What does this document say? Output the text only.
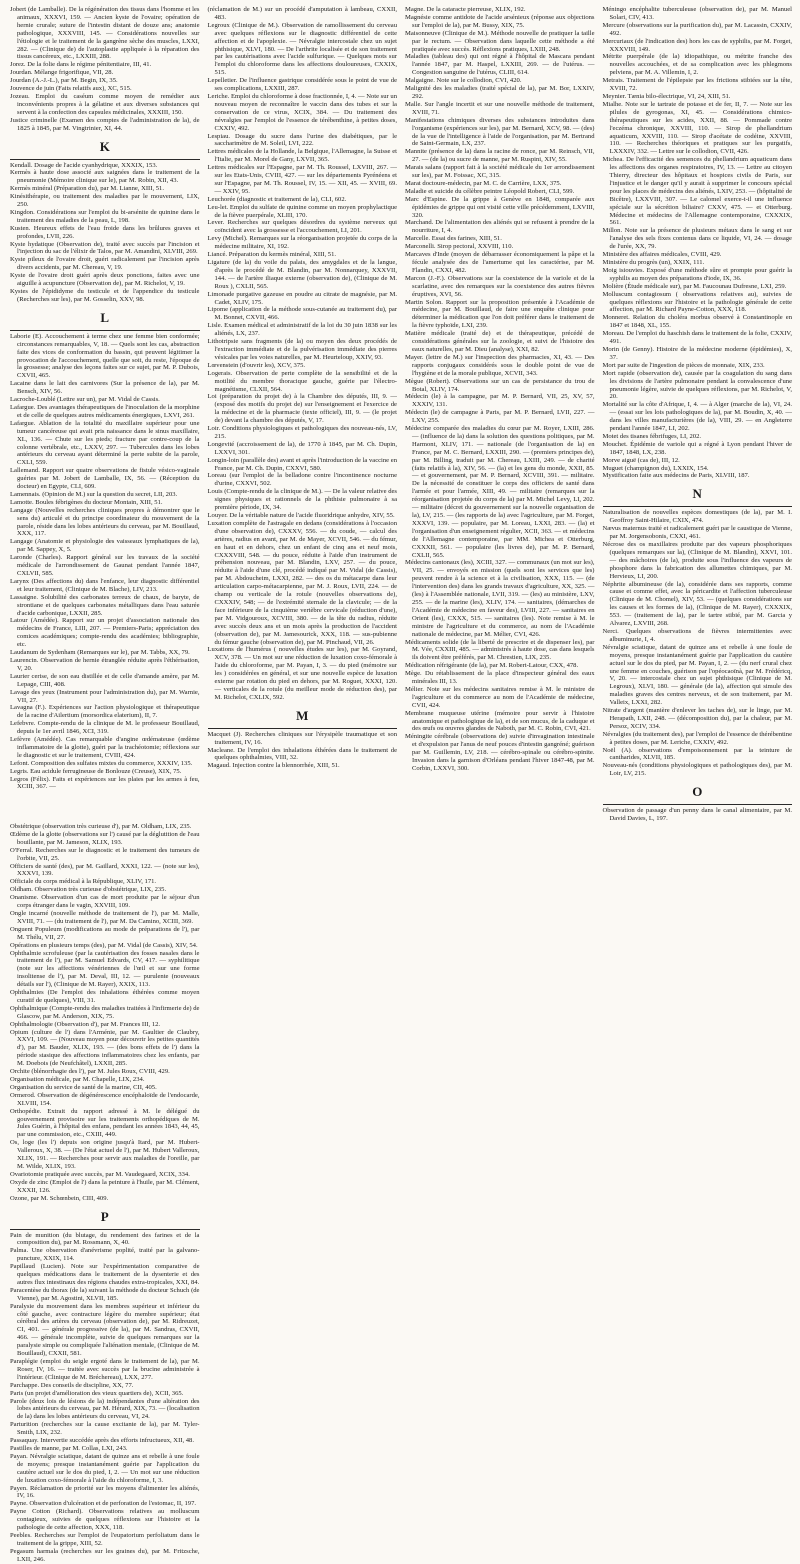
Jobert (de Lamballe). De la régénération des tissus dans l'homme et les animaux, XXXVI, 159. — Ancien kyste de l'ovaire; opération de hernie crurale; suture de l'intestin distant de douze ans; anatomie pathologique, XXXVIII, 145. — Considérations nouvelles sur l'étiologie et le traitement de la gangrène sèche des muscles, LXXI, 282. — (Clinique de) de l'autoplastie appliquée à la réparation des tissus cancéreux, etc., LXXIII, 288.

Jorez. De la folie dans le régime pénitentiaire, III, 41.

Jourdan. Mélange frigorifique, VII, 28.

Jourdan (A.-J.-L.), par M. Begin, IX, 35.

Jouvence de juin (Faits relatifs aux), XC, 515.

Jozeau. Emploi du caséum comme moyen de remédier aux inconvénients propres à la gélatine et aux diverses substances qui servent à la confection des capsules médicinales, XXXIII, 150.

Justice criminelle (Examen des comptes de l'administration de la), de 1825 à 1845, par M. Vingtrinier, XI, 44.

K

Kendall. Dosage de l'acide cyanhydrique, XXXIX, 153.

Kermès à haute dose associé aux saignées dans le traitement de la pneumonie (Mémoire clinique sur le), par M. Robin, XII, 43.

Kermès minéral (Préparation du), par M. Lianne, XIII, 51.

Kinésithérapie, ou traitement des maladies par le mouvement, LIX, 250.

Kingdon. Considérations sur l'emploi du bi-arsénite de quinine dans le traitement des maladies de la peau, L, 198.

Kusten. Heureux effets de l'eau froide dans les brûlures graves et profondes, LVII, 226.

Kyste hydatique (Observation de), traité avec succès par l'incision et l'injection du sac de l'élixir de Talos, par M. Amandini, XLVIII, 269.

Kyste pileux de l'ovaire droit, guéri radicalement par l'incision après divers accidents, par M. Chereau, V, 19.

Kyste de l'ovaire droit guéri après deux ponctions, faites avec une aiguille à acupuncture (Observation de), par M. Richelot, V, 19.

Kystes de l'épididyme du testicule et de l'appendice du testicule (Recherches sur les), par M. Gosselin, XXV, 98.

L

Laborie (E). Accouchement à terme chez une femme bien conformée; circonstances remarquables, V, 18. — Quels sont les cas, abstraction faite des vices de conformation du bassin, qui peuvent légitimer la provocation de l'accouchement, quelle que soit, du reste, l'époque de la grossesse; analyse des leçons faites sur ce sujet, par M. P. Dubois, CXVII, 465.

Lacaine dans le lait des carnivores (Sur la présence de la), par M. Bensch, XIV, 56.

Lacroche-Loublé (Lettre sur un), par M. Vidal de Cassis.

Lafargue. Des avantages thérapeutiques de l'inoculation de la morphine et de celle de quelques autres médicaments énergiques, LXVI, 261.

Lafargue. Ablation de la totalité du maxillaire supérieur pour une tumeur cancéreuse qui avait pris naissance dans le sinus maxillaire, XL, 136. — Chute sur les pieds; fracture par contre-coup de la colonne vertébrale, etc., LXXV, 297. — Tubercules dans les lobes antérieurs du cerveau ayant déterminé la perte subite de la parole, CXLI, 559.

Lallemand. Rapport sur quatre observations de fistule vésico-vaginale guéries par M. Jobert de Lamballe, IX, 56. — (Réception du docteur) en Egypte, CLI, 609.

Lamennais. (Opinion de M.) sur la question du secret, LII, 203.

Lamotte. Boules fébrigènes du docteur Montain, XIII, 51.

Langage (Nouvelles recherches cliniques propres à démontrer que le sens du) articulé et du principe coordinateur du mouvement de la parole, réside dans les lobes antérieurs du cerveau, par M. Bouillaud, XXX, 117.

Langage (Anatomie et physiologie des vaisseaux lymphatiques de la), par M. Sappey, X, 5.

Laronde (Charles). Rapport général sur les travaux de la société médicale de l'arrondissement de Gaunat pendant l'année 1847, CXLVII, 585.

Larynx (Des affections du) dans l'enfance, leur diagnostic différentiel et leur traitement, (Clinique de M. Blache), LIV, 213.

Lassaigne. Solubilité des carbonates terreux de chaux, de baryte, de strontiane et de quelques carbonates métalliques dans l'eau saturée d'acide carbonique, LXXII, 285.

Latour (Amédée). Rapport sur un projet d'association nationale des médecins de France, LIII, 207. — Premiers-Paris; appréciation des comices académiques; compte-rendu des académies; bibliographie, etc.

Laudanum de Sydenham (Remarques sur le), par M. Tabbs, XX, 79.

Laurencin. Observation de hernie étranglée réduite après l'éthérisation, V, 20.

Laurier cerise, de son eau distillée et de celle d'amande amère, par M. Lepage, CIII, 408.

Lavage des yeux (Instrument pour l'administration du), par M. Warnie, VII, 27.

Lavagna (F.). Expériences sur l'action physiologique et thérapeutique de la racine d'Ailertium (morsordica elaterium), II, 7.

Lefebvre. Compte-rendu de la clinique de M. le professeur Bouillaud, depuis le 1er avril 1846, XCI, 319.

Lefèvre (Amédée). Cas remarquable d'angine œdémateuse (œdème inflammatoire de la glotte), guéri par la trachéotomie; réflexions sur le diagnostic et sur le traitement, CVIII, 424.

Lefont. Composition des sulfates mixtes du commerce, XXXIV, 135.

Legris. Eau acidule ferrugineuse de Bonlouze (Creuse), XIX, 75.

Legros (Félix). Faits et expériences sur les plaies par les armes à feu, XCIII, 367. —

(réclamation de M.) sur un procédé d'amputation à lambeau, CXXII, 483.

Legroux (Clinique de M.). Observation de ramollissement du cerveau avec quelques réflexions sur le diagnostic différentiel de cette affection et de l'apoplexie. — Névralgie intercostale chez un sujet phthisique, XLVI, 180. — De l'arthrite localisée et de son traitement par les cautérisations avec l'acide sulfurique. — Quelques mots sur l'emploi du chloroforme dans les affections douloureuses, CXXIX, 515.

Lepelletier. De l'influence gastrique considérée sous le point de vue de ses complications, LXXIII, 287.

Leriche. Emploi du chloroforme à dose fractionnée, I, 4. — Note sur un nouveau moyen de reconnaître le vaccin dans des tubes et sur la conservation de ce virus, XCIX, 384. — Du traitement des névralgies par l'emploi de l'essence de térébenthine, à petites doses, CXXIV, 492.

Lespiau. Dosage du sucre dans l'urine des diabétiques, par le saccharimètre de M. Soleil, LVI, 222.

Lettres médicales de la Hollande, la Belgique, l'Allemagne, la Suisse et l'Italie, par M. Morel de Gany, LXVII, 365.

Lettres médicales sur l'Espagne, par M. Th. Roussel, LXVIII, 267. — sur les Etats-Unis, CVIII, 427. — sur les départements Pyrénéens et sur l'Espagne, par M. Th. Roussel, IV, 15. — XII, 45. — XVIII, 69. — XXIV, 95.

Leuchorée (diagnostic et traitement de la), CLI, 602.

Leu-let. Emploi du sulfate de quinine comme un moyen prophylactique de la fièvre puerpérale, XLIII, 170.

Lever. Recherches sur quelques désordres du système nerveux qui coïncident avec la grossesse et l'accouchement, LI, 201.

Levy (Michel). Remarques sur la réorganisation projetée du corps de la médecine militaire, XI, 192.

Liancé. Préparation du kermès minéral, XIII, 51.

Ligature (de la) du voile du palais, des amygdales et de la langue, d'après le procédé de M. Blandin, par M. Nonnarquey, XXXVII, 144. — de l'artère iliaque externe (observation de), (Clinique de M. Roux ), CXLII, 565.

Limonade purgative gazeuse en poudre au citrate de magnésie, par M. Cadet, XLIV, 175.

Lipome (application de la méthode sous-cutanée au traitement du), par M. Bonnet, CXVII, 466.

Lisle. Examen médical et administratif de la loi du 30 juin 1838 sur les aliénés, LX, 237.

Lithotripsie sans fragments (de la) ou moyen des deux procédés de l'extraction immédiate et de la pulvérisation immédiate des pierres vésicales par les voies naturelles, par M. Heurteloup, XXIV, 93.

Lœvenstein (d'ouvrir les), XCV, 375.

Logerais. Observation de perte complète de la sensibilité et de la motilité du membre thoracique gauche, guérie par l'électro-magnétisme, CLXII, 564.

Loi (préparation du projet de) à la Chambre des députés, III, 9. — (exposé des motifs du projet de) sur l'enseignement et l'exercice de la médecine et de la pharmacie (texte officiel), III, 9. — (le projet de) devant la chambre des députés, V, 17.

Loir. Conditions physiologiques et pathologiques des nouveau-nés, LV, 215.

Longevité (accroissement de la), de 1770 à 1845, par M. Ch. Dupin, LXXVI, 301.

Longin-loin (parallèle des) avant et après l'introduction de la vaccine en France, par M. Ch. Dupin, CXXVI, 580.

Loreau (sur l'emploi de la belladone contre l'incontinence nocturne d'urine, CXXVI, 502.

Louis (Compte-rendu de la clinique de M.). — De la valeur relative des signes physiques et rationnels de la phthisie pulmonaire à sa première période, IX, 34.

Louyer. De la véritable nature de l'acide fluoridrique anhydre, XIV, 55.

Luxation complète de l'astragale en dedans (considérations à l'occasion d'une observation de), CXXXV, 556. — du coude, — calcul des artères, radius en avant, par M. de Mayer, XCVII, 546. — du fémur, en haut et en dehors, chez un enfant de cinq ans et neuf mois, CXXXVIII, 548. — du pouce, réduite à l'aide d'un instrument de préhension nouveau, par M. Blandin, LXV, 257. — du pouce, réduite à l'aide d'une clé, procédé indiqué par M. Vidal (de Cassis), par M. Abdoucheim, LXXI, 282. — des os du métacarpe dans leur articulation carpo-métacarpienne, par M. J. Roux, LVII, 224. — de champ ou verticale de la rotule (nouvelles observations de), CXXXIV, 548; — de l'extrémité sternale de la clavicule; — de la face inférieure de la cinquième vertèbre cervicale (réduction d'une), par M. Vidgouroux, XCVIII, 380. — de la tête du radius, réduite avec succès deux ans et un mois après la production de l'accident (observation de), par M. Jamesourick, XXX, 118. — sus-pubienne du fémur gauche (observation de), par M. Pinchaud, VII, 26.

Luxations de l'humérus ( nouvelles études sur les), par M. Goyrand, XCV, 378. — Un mot sur une réduction de luxation coxo-fémorale à l'aide du chloroforme, par M. Payan, I, 3. — du pied (mémoire sur les ) considérées en général, et sur une nouvelle espèce de luxation externe par rotation du pied en dehors, par M. Roguet, XXXI, 120. — verticales de la rotule (du meilleur mode de réduction des), par M. Richelot, CXLIX, 592.

M

Macquet (J). Recherches cliniques sur l'érysipèle traumatique et son traitement, IV, 16.

Macleane. De l'emploi des inhalations éthérées dans le traitement de quelques ophthalmies, VIII, 32.

Magaud. Injection contre la blennorrhée, XIII, 51.

Magne. De la cataracte pierreuse, XLIX, 192.

Magnésie comme antidote de l'acide arsénieux (réponse aux objections sur l'emploi de la), par M. Bussy, XIX, 75.

Maisonneuve (Clinique de M.). Méthode nouvelle de pratiquer la taille par le rectum. — Observation dans laquelle cette méthode a été pratiquée avec succès. Réflexions pratiques, LXIII, 248.

Maladies (tableau des) qui ont régné à l'hôpital de Mascara pendant l'année 1847, par M. Haspel, LXXIII, 269. — de l'utérus. — Congestion sanguine de l'utérus, CLIII, 614.

Malgaigne. Note sur le collodion, CVI, 420.

Malignité des les maladies (traité spécial de la), par M. Bor, LXXIV, 292.

Malle. Sur l'angle incertit et sur une nouvelle méthode de traitement, XVIII, 71.

Manifestations chimiques diverses des substances introduites dans l'organisme (expériences sur les), par M. Bernard, XCV, 98. — (des) de la vue de l'intelligence à l'aide de l'organisation, par M. Bertrand de Saint-Germain, LX, 237.

Mannite (présence de la) dans la racine de ronce, par M. Reinsch, VII, 27. — (de la) ou sucre de manne, par M. Ruspini, XIV, 55.

Marais salans (rapport fait à la société médicale du 1er arrondissement sur les), par M. Foissac, XC, 315.

Marat doctoure-médecin, par M. C. de Carrière, LXX, 375.

Maladie et suicide du célèbre peintre Léopold Robert, CLI, 599.

Marc d'Espine. De la grippe à Genève en 1848, comparée aux épidémies de grippe qui ont visité cette ville précédemment, LXVIII, 320.

Marchand. De l'alimentation des aliénés qui se refusent à prendre de la nourriture, I, 4.

Marcelle. Essai des farines, XIII, 51.

Marconelli. Sirop pectoral, XXVIII, 110.

Marcaves d'Inde (moyen de débarrasser économiquement la pâpe et la fécule analysée des de l'amertume qui les caractérise, par M. Flandin, CXXI, 482.

Marcon (J.-F.). Observations sur la coexistence de la variole et de la scarlatine, avec des remarques sur la coexistence des autres fièvres éruptives, XVI, 56.

Martin Solon. Rapport sur la proposition présentée à l'Académie de médecine, par M. Bouillaud, de faire une enquête clinique pour déterminer la médication que l'on doit préférer dans le traitement de la fièvre typhoïde, LXI, 239.

Matière médicale (traité de) et de thérapeutique, précédé de considérations générales sur la zoologie, et suivi de l'histoire des eaux naturelles, par M. Dieu (analyse), XXI, 82.

Mayer. (lettre de M.) sur l'inspection des pharmacies, XI, 43. — Des rapports conjugaux considérés sous le double point de vue de l'hygiène et de la morale publique, XCVII, 343.

Mègue (Robert). Observations sur un cas de persistance du trou de Botal, XLIV, 174.

Médecin (le) à la campagne, par M. P. Bernard, VII, 25, XV, 57, XXXIV, 131.

Médecin (le) de campagne à Paris, par M. P. Bernard, LVII, 227. — LXV, 255.

Médecine comparée des maladies du cœur par M. Royer, LXIII, 286. — (influence de la) dans la solution des questions politiques, par M. Harmont, XLIV, 171. — nationale (de l'organisation de la) en France, par M. C. Bernard, LXXIII, 290. — (premiers principes de), par M. Billing, traduit par M. Chereau, LXIII, 249. — de charité (faits relatifs à la), XIV, 56. — (la) et les gens du monde, XXII, 85. — et gouvernement, par M. P. Bernard, XCVIII, 391. — militaire. De la nécessité de constituer le corps des officiers de santé dans l'armée et pour l'armée, XIII, 49. — militaire (remarques sur la réorganisation projetée du corps de la) par M. Michel Levy, LI, 202. — militaire (décret du gouvernement sur la nouvelle organisation de la), LV, 215. — (les rapports de la) avec l'agriculture, par M. Forget, XXXVI, 139. — populaire, par M. Loreau, LXXI, 283. — (la) et l'organisation d'un enseignement régulier, XCII, 363. — et médecins de l'Allemagne contemporaine, par MM. Michea et Otterburg, CXXXII, 561. — populaire (les livres de), par M. P. Bernard, CXLII, 565.

Médecins cantonaux (les), XCIII, 327. — communaux (un mot sur les), VII, 25. — envoyés en mission (quels sont les services que les) peuvent rendre à la science et à la civilisation, XXX, 115. — (de l'intervention des) dans les grands travaux d'agriculture, XX, 325. — (les) à l'Assemblée nationale, LVII, 319. — (les) au ministère, LXV, 255. — de la marine (les), XLIV, 174. — sanitaires, (démarches de l'Académie de médecine en faveur des), LVIII, 227. — sanitaires en Orient (les), CXXX, 515. — sanitaires (les). Note remise à M. le ministre de l'agriculture et du commerce, au nom de l'Académie nationale de médecine, par M. Mélier, CVI, 426.

Médicaments solide (de la liberté de prescrire et de dispenser les), par M. Vée, CXXIII, 485. — administrés à haute dose, cas dans lesquels ils doivent être préférés, par M. Chrestien, LIX, 235.

Médication réfrigérante (de la), par M. Robert-Latour, CXX, 478.

Mège. Du rétablissement de la place d'inspecteur général des eaux minérales III, 13.

Mélier. Note sur les médecins sanitaires remise à M. le ministre de l'agriculture et du commerce au nom de l'Académie de médecine, CVII, 424.

Membrane muqueuse utérine (mémoire pour servir à l'histoire anatomique et pathologique de la), et de son mucus, de la caduque et des œufs ou œuvres glandes de Naboth, par M. C. Robin, CVI, 421.

Méningite cérébrale (observations de) suivie d'invagination intestinale et d'expulsion par l'anus de neuf pouces d'intestin gangréné; guérison par M. Guillemin, LV, 218. — cérébro-spinale ou cérébro-spinite. Invasion dans la garnison d'Orléans pendant l'hiver 1847-48, par M. Corbin, LXXVI, 300.

Méningo encéphalite tuberculeuse (observation de), par M. Manuel Solari, CIV, 413.

Mercure (observations sur la purification du), par M. Lacassin, CXXIV, 492.

Mercuriaux (de l'indication des) hors les cas de syphilis, par M. Forget, XXXVIII, 149.

Métrite puerpérale (de la) idiopathique, ou métrite franche des nouvelles accouchées, et de sa complication avec les phlegmons pelviens, par M. A. Villemin, I, 2.

Metrais. Traitement de l'épilepsie par les frictions stibiées sur la tête, XVIII, 72.

Meynier. Tænia bilo-électrique, VI, 24, XIII, 51.

Mialhe. Note sur le tartrate de potasse et de fer, II, 7. — Note sur les pilules de gyrogonas, XI, 45. — Considérations chimico-thérapeutiques sur les acides, XXII, 88. — Pommade contre l'eczéma chronique, XXVIII, 110. — Sirop de phellandrium aquaticum, XXVIII, 110. — Sirop d'acétate de codéine, XXVIII, 110. — Recherches théoriques et pratiques sur les purgatifs, LXXXIV, 332. — Lettre sur le collodion, CVII, 426.

Michea. De l'efficacité des semences du phellandrium aquaticum dans les affections des organes respiratoires, IV, 13. — Lettre au citoyen Thierry, directeur des hôpitaux et hospices civils de Paris, sur l'injustice et le danger qu'il y aurait à supprimer le concours spécial pour les places de médecins des aliénés, LXIV, 253. — (hôpitalité de Bicêtre), LXXVIII, 307. — Le calomel exerce-t-il une influence spéciale sur la sécrétion biliaire? CXXV, 475. — et Otterburg. Médecine et médecins de l'Allemagne contemporaine, CXXXIX, 561.

Millon. Note sur la présence de plusieurs métaux dans le sang et sur l'analyse des sels fixes contenus dans ce liquide, VI, 24. — dosage de l'urée, XX, 79.

Ministère des affaires médicales, CVIII, 429.

Ministère du progrès (un), XXIX, 111.

Moig isiouvies. Exposé d'une méthode sûre et prompte pour guérir la syphilis au moyen des préparations d'iode, IX, 36.

Molière (Étude médicale sur), par M. Faucounau Dufresne, LXI, 259.

Molluscum contagiosum ( observations relatives au), suivies de quelques réflexions sur l'histoire et la pathologie générale de cette affection, par M. Richard Payne-Cotton, XXX, 118.

Monneret. Relation du choléra morbus observé à Constantinople en 1847 et 1848, XL, 155.

Moreau. De l'emploi du haschish dans le traitement de la folie, CXXIV, 491.

Morin (de Genny). Histoire de la médecine moderne (épidémies), X, 37.

Mort par suite de l'ingestion de pièces de monnaie, XIX, 233.

Mort rapide (observation de), causée par la coagulation du sang dans les divisions de l'artère pulmonaire pendant la convalescence d'une pneumonie légère, suivie de quelques réflexions, par M. Richelot, V, 20.

Mortalité sur la côte d'Afrique, I, 4. — à Alger (marche de la), VI, 24. — (essai sur les lois pathologiques de la), par M. Boudin, X, 40. — dans les villes manufacturières (de la), VIII, 29. — en Angleterre pendant l'année 1847, LI, 202.

Motet des tisanes fébrifuges, LI, 202.

Mouchet. Épidémie de variole qui a régné à Lyon pendant l'hiver de 1847, 1848, LX, 238.

Morve aiguë (cas de), III, 12.

Muguet (champignon du), LXXIX, 154.

Mystification faite aux médecins de Paris, XLVIII, 187.

N

Naturalisation de nouvelles espèces domestiques (de la), par M. I. Geoffroy Saint-Hilaire, CXIX, 474.

Nævus maternus traité et radicalement guéri par le caustique de Vienne, par M. Jorgensobonis, CXXI, 461.

Nécrose des os maxillaires produite par des vapeurs phosphoriques (quelques remarques sur la), (Clinique de M. Blandin), XXVI, 101. — des mâchoires (de la), produite sous l'influence des vapeurs de phosphore dans la fabrication des allumettes chimiques, par M. Hervieux, LI, 200.

Néphrite albumineuse (de la), considérée dans ses rapports, comme cause et comme effet, avec la péricardite et l'affection tuberculeuse (Clinique de M. Chomel), XIV, 53. — (quelques considérations sur les causes et les formes de la), (Clinique de M. Rayer), CXXXIX, 553. — (traitement de la), par le tartre stibié, par M. Garcia y Alvarez, LXVIII, 268.

Nerci. Quelques observations de fièvres intermittentes avec albuminurie, I, 4.

Névralgie sciatique, datant de quinze ans et rebelle à une foule de moyens, presque instantanément guérie par l'application du cautère actuel sur le dos du pied, par M. Payan, I, 2. — (du nerf crural chez une femme en couches, guérison par l'opéocaoïnà, par M. Frédéricq, V, 20. — intercostale chez un sujet phthisique (Clinique de M. Legroux), XLVI, 180. — générale (de la), affection qui simule des maladies graves des centres nerveux, et de son traitement, par M. Valleix, LXXI, 282.

Nitrate d'argent (manière d'enlever les taches de), sur le linge, par M. Herapath, LXII, 248. — (décomposition du), par la chaleur, par M. Persoz, XCIV, 334.

Névralgies (du traitement des), par l'emploi de l'essence de thérébentine à petites doses, par M. Leriche, CXXIV, 492.

Noël (A). observations d'empoisonnement par la teinture de cantharides, XLVII, 185.

Nouveau-nés (conditions physiologiques et pathologiques des), par M. Loir, LV, 215.

O

Observation de passage d'un penny dans le canal alimentaire, par M. David Davies, L, 197.

Obstétrique (observation très curieuse d'), par M. Oldham, LIX, 235.

Œdème de la glotte (observations sur l') causé par la déglutition de l'eau bouillante, par M. Jameson, XLIX, 193.

O'Ferral. Recherches sur le diagnostic et le traitement des tumeurs de l'orbite, VII, 25.

Officiers de santé (des), par M. Gaillard, XXXI, 122. — (note sur les), XXXVI, 139.

Officiale du corps médical à la République, XLIV, 171.

Oldham. Observation très curieuse d'obstétrique, LIX, 235.

Onanisme. Observation d'un cas de mort produite par le séjour d'un corps étranger dans le vagin, XXVIII, 109.

Ongle incarné (nouvelle méthode de traitement de l'), par M. Malle, XVIII, 71. — (du traitement de l'), par M. Da Camino, XCIII, 369.

Onguent Populeum (modifications au mode de préparations de l'), par M. Thélu, VII, 27.

Opérations en plusieurs temps (des), par M. Vidal (de Cassis), XIV, 54.

Ophthalmie scrofuleuse (par la cautérisation des fosses nasales dans le traitement de l'), par M. Samuel Edvards, CV, 417. — syphilitique (note sur les affections vénériennes de l'œil et sur une forme insolitense de l'), par M. Deval, III, 12. — purulente (nouveaux détails sur l'), (Clinique de M. Rayer), XXIX, 113.

Ophthalmies (De l'emploi des inhalations éthérées comme moyen curatif de quelques), VIII, 31.

Ophthalmique (Compte-rendu des maladies traitées à l'infirmerie de) de Glascow, par M. Anderson, XIX, 75.

Ophthalmologie (Observation d'), par M. Frances III, 12.

Opium (culture de l') dans l'Arménie, par M. Gaultier de Claubry, XXVI, 109. — (Nouveau moyen pour découvrir les petites quantités d'), par M. Bauder, XLIX, 193. — (des bons effets de l') dans la période stasique des affections inflammatoires chez les enfants, par M. Doebois (de Neufchâtel), LXXII, 285.

Orchite (blénorrhagie des l'), par M. Jules Roux, CVIII, 429.

Organisation médicale, par M. Chapelle, LIX, 234.

Organisation du service de santé de la marine, CII, 405.

Ormerod. Observation de dégénérescence encéphaloïde de l'endocarde, XLVIII, 154.

Orthopédie. Extrait du rapport adressé à M. le délégué du gouvernement provisoire sur les traitements orthopédiques de M. Jules Guérin, à l'hôpital des enfans, pendant les années 1843, 44, 45, par une commission, etc., CXIII, 449.

Os, loge (les l') depuis son origine jusqu'à Itard, par M. Hubert-Valleroux, X, 38. — (De l'état actuel de l'), par M. Hubert Valleroux, XLIX, 191. — Recherches pour servir aux maladies de l'oreille, par M. Wilde, XLIX, 193.

Ovariotomie pratiquée avec succès, par M. Vaudegaard, XCIX, 334.

Oxyde de zinc (Emploi de l') dans la peinture à l'huile, par M. Clément, XXXII, 126.

Ozone, par M. Schœnbein, CIII, 409.

P

Pain de munition (du blutage, du rendement des farines et de la composition du), par M. Rossmann, X, 40.

Palma. Une observation d'anévrisme poplité, traité par la galvano-puncture, XXIX, 114.

Papillaud (Lucien). Note sur l'expérimentation comparative de quelques médications dans le traitement de la dysenterie et des autres flux intestinaux des régions chaudes extra-tropicales, XXI, 84.

Paracentèse du thorax (de la) suivant la méthode du docteur Schuch (de Vienne), par M. Agostini, XLVII, 185.

Paralysie du mouvement dans les membres supérieur et inférieur du côté gauche, avec contracture légère du membre supérieur; état cérébral des artères du cerveau (observation de), par M. Ridreuzet, CI, 401. — générale progressive (de la), par M. Sandras, CXVII, 466. — générale incomplète, suivie de quelques remarques sur la paralysie simple ou compliquée l'aliénation mentale, (Clinique de M. Bouillaud), CXXII, 581.

Paraplégie (emploi du seigle ergoté dans le traitement de la), par M. Roser, IV, 16. — traitée avec succès par la brucine administrée à l'intérieur. (Clinique de M. Bréchereau), LXX, 277.

Parchappe. Des conseils de discipline, XX, 77.

Paris (un projet d'amélioration des vieux quartiers de), XCII, 365.

Parole (deux lois de lésions de la) indépendantes d'une altération des lobes antérieurs du cerveau, par M. Hérard, XIX, 73. — (localisation de la) dans les lobes antérieurs du cerveau, VI, 24.

Parturition (recherches sur la cause excitante de la), par M. Tyler-Smith, LIX, 232.

Passaquay. Intervertie succédée après des efforts infructueux, XII, 48.

Pastilles de manne, par M. Collas, LXI, 243.

Payan. Névralgie sciatique, datant de quinze ans et rebelle à une foule de moyens; presque instantanément guérie par l'application du cautère actuel sur le dos du pied, I, 2. — Un mot sur une réduction de luxation coxo-fémorale à l'aide du chloroforme, I, 3.

Payen. Réclamation de priorité sur les moyens d'alimenter les aliénés, IV, 16.

Payne. Observation d'ulcération et de perforation de l'estomac, II, 197.

Payne Cotton (Richard). Observations relatives au molluscum contagieux, suivies de quelques réflexions sur l'histoire et la pathologie de cette affection, XXX, 118.

Peebles. Recherches sur l'emploi de l'eupatorium perfoliatum dans le traitement de la grippe, XIII, 52.

Pegasum harmala (recherches sur les graines du), par M. Fritzsche, LXII, 246.
